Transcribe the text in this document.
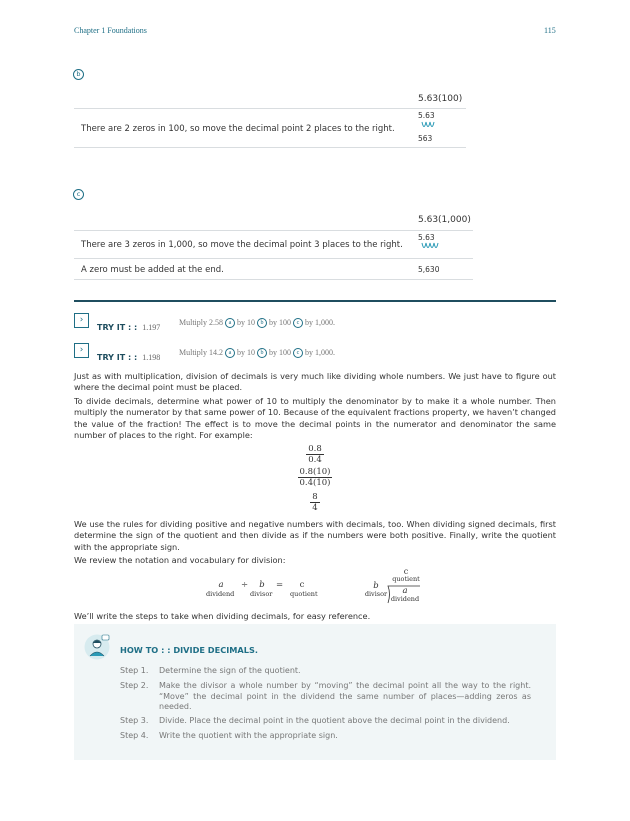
Chapter 1 Foundations	115
b
5.63(100)
There are 2 zeros in 100, so move the decimal point 2 places to the right.
5.63
563
c
5.63(1,000)
There are 3 zeros in 1,000, so move the decimal point 3 places to the right.
5.63
A zero must be added at the end.	5,630
›
TRY IT : : 1.197
Multiply 2.58 a by 10 b by 100 c by 1,000.
›
TRY IT : : 1.198
Multiply 14.2 a by 10 b by 100 c by 1,000.
Just as with multiplication, division of decimals is very much like dividing whole numbers. We just have to figure out where the decimal point must be placed.
To divide decimals, determine what power of 10 to multiply the denominator by to make it a whole number. Then multiply the numerator by that same power of 10. Because of the equivalent fractions property, we haven’t changed the value of the fraction! The effect is to move the decimal points in the numerator and denominator the same number of places to the right. For example:
$\frac{0.8}{0.4}$
$\frac{0.8(10)}{0.4(10)}$
$\frac{8}{4}$
We use the rules for dividing positive and negative numbers with decimals, too. When dividing signed decimals, first determine the sign of the quotient and then divide as if the numbers were both positive. Finally, write the quotient with the appropriate sign.
We review the notation and vocabulary for division:
a
dividend
÷	b
divisor
=	c
quotient
c
quotient
b
divisor	a
dividend
We’ll write the steps to take when dividing decimals, for easy reference.
HOW TO : : DIVIDE DECIMALS.
Step 1. Determine the sign of the quotient.
Step 2. Make the divisor a whole number by “moving” the decimal point all the way to the right. “Move” the decimal point in the dividend the same number of places—adding zeros as needed.
Step 3. Divide. Place the decimal point in the quotient above the decimal point in the dividend.
Step 4. Write the quotient with the appropriate sign.
